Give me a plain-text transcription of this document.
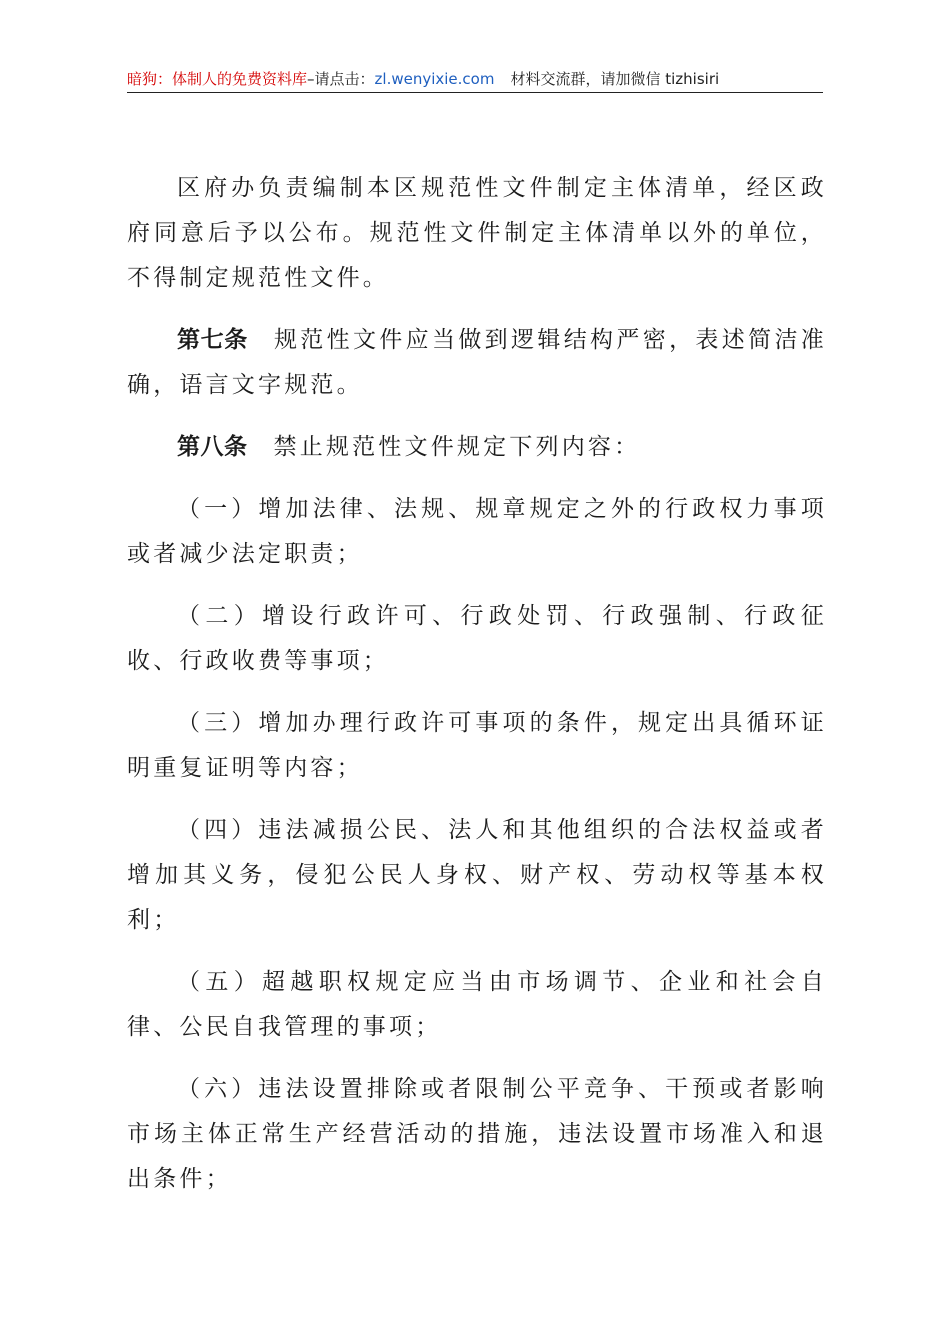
暗狗：体制人的免费资料库–请点击：zl.wenyixie.com 材料交流群，请加微信 tizhisiri

区府办负责编制本区规范性文件制定主体清单，经区政府同意后予以公布。规范性文件制定主体清单以外的单位，不得制定规范性文件。

第七条 规范性文件应当做到逻辑结构严密，表述简洁准确，语言文字规范。

第八条 禁止规范性文件规定下列内容：

（一）增加法律、法规、规章规定之外的行政权力事项或者减少法定职责；

（二）增设行政许可、行政处罚、行政强制、行政征收、行政收费等事项；

（三）增加办理行政许可事项的条件，规定出具循环证明重复证明等内容；

（四）违法减损公民、法人和其他组织的合法权益或者增加其义务，侵犯公民人身权、财产权、劳动权等基本权利；

（五）超越职权规定应当由市场调节、企业和社会自律、公民自我管理的事项；

（六）违法设置排除或者限制公平竞争、干预或者影响市场主体正常生产经营活动的措施，违法设置市场准入和退出条件；
